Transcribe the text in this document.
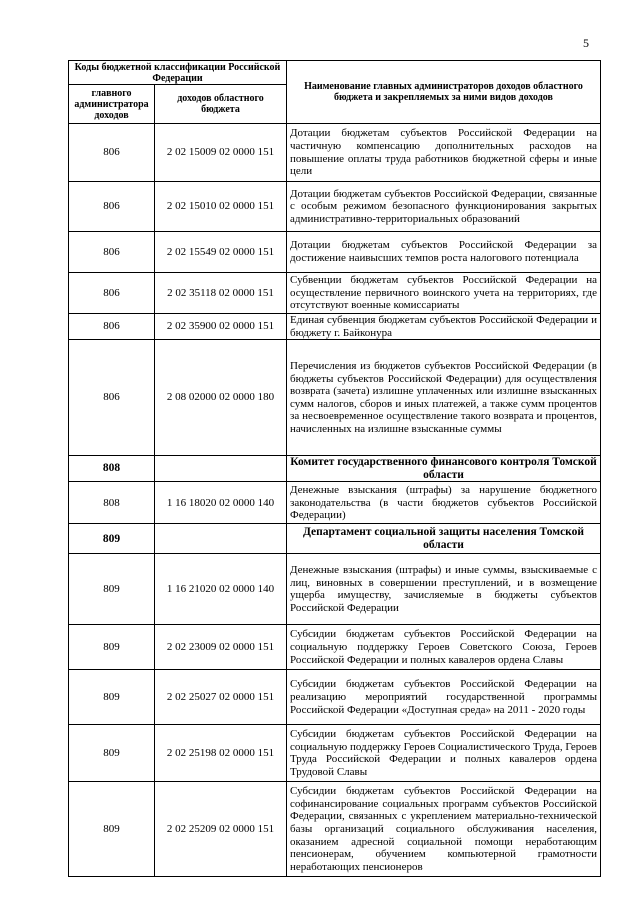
5
Коды бюджетной классификации Российской Федерации		Наименование главных администраторов доходов областного бюджета и закрепляемых за ними видов доходов
главного администратора доходов	доходов областного бюджета	
806	2 02 15009 02 0000 151	Дотации бюджетам субъектов Российской Федерации на частичную компенсацию дополнительных расходов на повышение оплаты труда работников бюджетной сферы и иные цели
806	2 02 15010 02 0000 151	Дотации бюджетам субъектов Российской Федерации, связанные с особым режимом безопасного функционирования закрытых административно-территориальных образований
806	2 02 15549 02 0000 151	Дотации бюджетам субъектов Российской Федерации за достижение наивысших темпов роста налогового потенциала
806	2 02 35118 02 0000 151	Субвенции бюджетам субъектов Российской Федерации на осуществление первичного воинского учета на территориях, где отсутствуют военные комиссариаты
806	2 02 35900 02 0000 151	Единая субвенция бюджетам субъектов Российской Федерации и бюджету г. Байконура
806	2 08 02000 02 0000 180	Перечисления из бюджетов субъектов Российской Федерации (в бюджеты субъектов Российской Федерации) для осуществления возврата (зачета) излишне уплаченных или излишне взысканных сумм налогов, сборов и иных платежей, а также сумм процентов за несвоевременное осуществление такого возврата и процентов, начисленных на излишне взысканные суммы
808		Комитет государственного финансового контроля Томской области
808	1 16 18020 02 0000 140	Денежные взыскания (штрафы) за нарушение бюджетного законодательства (в части бюджетов субъектов Российской Федерации)
809		Департамент социальной защиты населения Томской области
809	1 16 21020 02 0000 140	Денежные взыскания (штрафы) и иные суммы, взыскиваемые с лиц, виновных в совершении преступлений, и в возмещение ущерба имуществу, зачисляемые в бюджеты субъектов Российской Федерации
809	2 02 23009 02 0000 151	Субсидии бюджетам субъектов Российской Федерации на социальную поддержку Героев Советского Союза, Героев Российской Федерации и полных кавалеров ордена Славы
809	2 02 25027 02 0000 151	Субсидии бюджетам субъектов Российской Федерации на реализацию мероприятий государственной программы Российской Федерации «Доступная среда» на 2011 - 2020 годы
809	2 02 25198 02 0000 151	Субсидии бюджетам субъектов Российской Федерации на социальную поддержку Героев Социалистического Труда, Героев Труда Российской Федерации и полных кавалеров ордена Трудовой Славы
809	2 02 25209 02 0000 151	Субсидии бюджетам субъектов Российской Федерации на софинансирование социальных программ субъектов Российской Федерации, связанных с укреплением материально-технической базы организаций социального обслуживания населения, оказанием адресной социальной помощи неработающим пенсионерам, обучением компьютерной грамотности неработающих пенсионеров
